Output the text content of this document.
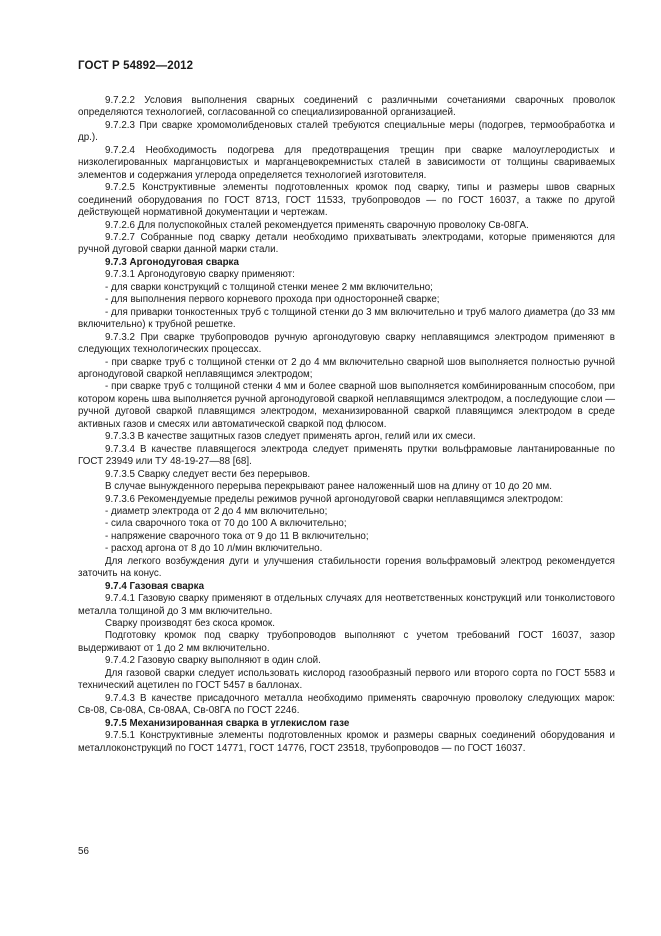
ГОСТ Р 54892—2012

9.7.2.2 Условия выполнения сварных соединений с различными сочетаниями сварочных проволок определяются технологией, согласованной со специализированной организацией.

9.7.2.3 При сварке хромомолибденовых сталей требуются специальные меры (подогрев, термообработка и др.).

9.7.2.4 Необходимость подогрева для предотвращения трещин при сварке малоуглеродистых и низколегированных марганцовистых и марганцевокремнистых сталей в зависимости от толщины свариваемых элементов и содержания углерода определяется технологией изготовителя.

9.7.2.5 Конструктивные элементы подготовленных кромок под сварку, типы и размеры швов сварных соединений оборудования по ГОСТ 8713, ГОСТ 11533, трубопроводов — по ГОСТ 16037, а также по другой действующей нормативной документации и чертежам.

9.7.2.6 Для полуспокойных сталей рекомендуется применять сварочную проволоку Св-08ГА.

9.7.2.7 Собранные под сварку детали необходимо прихватывать электродами, которые применяются для ручной дуговой сварки данной марки стали.

9.7.3 Аргонодуговая сварка

9.7.3.1 Аргонодуговую сварку применяют:

- для сварки конструкций с толщиной стенки менее 2 мм включительно;

- для выполнения первого корневого прохода при односторонней сварке;

- для приварки тонкостенных труб с толщиной стенки до 3 мм включительно и труб малого диаметра (до 33 мм включительно) к трубной решетке.

9.7.3.2 При сварке трубопроводов ручную аргонодуговую сварку неплавящимся электродом применяют в следующих технологических процессах.

- при сварке труб с толщиной стенки от 2 до 4 мм включительно сварной шов выполняется полностью ручной аргонодуговой сваркой неплавящимся электродом;

- при сварке труб с толщиной стенки 4 мм и более сварной шов выполняется комбинированным способом, при котором корень шва выполняется ручной аргонодуговой сваркой неплавящимся электродом, а последующие слои — ручной дуговой сваркой плавящимся электродом, механизированной сваркой плавящимся электродом в среде активных газов и смесях или автоматической сваркой под флюсом.

9.7.3.3 В качестве защитных газов следует применять аргон, гелий или их смеси.

9.7.3.4 В качестве плавящегося электрода следует применять прутки вольфрамовые лантанированные по ГОСТ 23949 или ТУ 48-19-27—88 [68].

9.7.3.5 Сварку следует вести без перерывов.

В случае вынужденного перерыва перекрывают ранее наложенный шов на длину от 10 до 20 мм.

9.7.3.6 Рекомендуемые пределы режимов ручной аргонодуговой сварки неплавящимся электродом:

- диаметр электрода от 2 до 4 мм включительно;

- сила сварочного тока от 70 до 100 А включительно;

- напряжение сварочного тока от 9 до 11 В включительно;

- расход аргона от 8 до 10 л/мин включительно.

Для легкого возбуждения дуги и улучшения стабильности горения вольфрамовый электрод рекомендуется заточить на конус.

9.7.4 Газовая сварка

9.7.4.1 Газовую сварку применяют в отдельных случаях для неответственных конструкций или тонколистового металла толщиной до 3 мм включительно.

Сварку производят без скоса кромок.

Подготовку кромок под сварку трубопроводов выполняют с учетом требований ГОСТ 16037, зазор выдерживают от 1 до 2 мм включительно.

9.7.4.2 Газовую сварку выполняют в один слой.

Для газовой сварки следует использовать кислород газообразный первого или второго сорта по ГОСТ 5583 и технический ацетилен по ГОСТ 5457 в баллонах.

9.7.4.3 В качестве присадочного металла необходимо применять сварочную проволоку следующих марок: Св-08, Св-08А, Св-08АА, Св-08ГА по ГОСТ 2246.

9.7.5 Механизированная сварка в углекислом газе

9.7.5.1 Конструктивные элементы подготовленных кромок и размеры сварных соединений оборудования и металлоконструкций по ГОСТ 14771, ГОСТ 14776, ГОСТ 23518, трубопроводов — по ГОСТ 16037.

56
